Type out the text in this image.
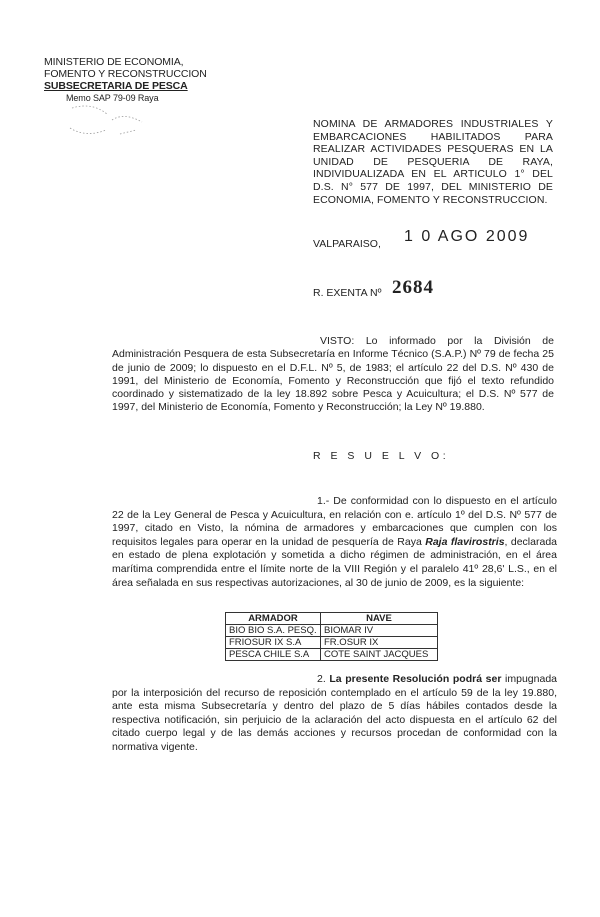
MINISTERIO DE ECONOMIA,
FOMENTO Y RECONSTRUCCION
SUBSECRETARIA DE PESCA
Memo SAP 79-09 Raya
NOMINA DE ARMADORES INDUSTRIALES Y EMBARCACIONES HABILITADOS PARA REALIZAR ACTIVIDADES PESQUERAS EN LA UNIDAD DE PESQUERIA DE RAYA, INDIVIDUALIZADA EN EL ARTICULO 1° DEL D.S. N° 577 DE 1997, DEL MINISTERIO DE ECONOMIA, FOMENTO Y RECONSTRUCCION.
VALPARAISO, 1 0 AGO 2009
R. EXENTA Nº 2684
VISTO: Lo informado por la División de Administración Pesquera de esta Subsecretaría en Informe Técnico (S.A.P.) Nº 79 de fecha 25 de junio de 2009; lo dispuesto en el D.F.L. Nº 5, de 1983; el artículo 22 del D.S. Nº 430 de 1991, del Ministerio de Economía, Fomento y Reconstrucción que fijó el texto refundido coordinado y sistematizado de la ley 18.892 sobre Pesca y Acuicultura; el D.S. Nº 577 de 1997, del Ministerio de Economía, Fomento y Reconstrucción; la Ley Nº 19.880.
R E S U E L V O:
1.- De conformidad con lo dispuesto en el artículo 22 de la Ley General de Pesca y Acuicultura, en relación con e. artículo 1º del D.S. Nº 577 de 1997, citado en Visto, la nómina de armadores y embarcaciones que cumplen con los requisitos legales para operar en la unidad de pesquería de Raya Raja flavirostris, declarada en estado de plena explotación y sometida a dicho régimen de administración, en el área marítima comprendida entre el límite norte de la VIII Región y el paralelo 41º 28,6' L.S., en el área señalada en sus respectivas autorizaciones, al 30 de junio de 2009, es la siguiente:
ARMADOR	NAVE
BIO BIO S.A. PESQ.	BIOMAR IV
FRIOSUR IX S.A	FR.OSUR IX
PESCA CHILE S.A	COTE SAINT JACQUES
2. La presente Resolución podrá ser impugnada por la interposición del recurso de reposición contemplado en el artículo 59 de la ley 19.880, ante esta misma Subsecretaría y dentro del plazo de 5 días hábiles contados desde la respectiva notificación, sin perjuicio de la aclaración del acto dispuesta en el artículo 62 del citado cuerpo legal y de las demás acciones y recursos procedan de conformidad con la normativa vigente.
